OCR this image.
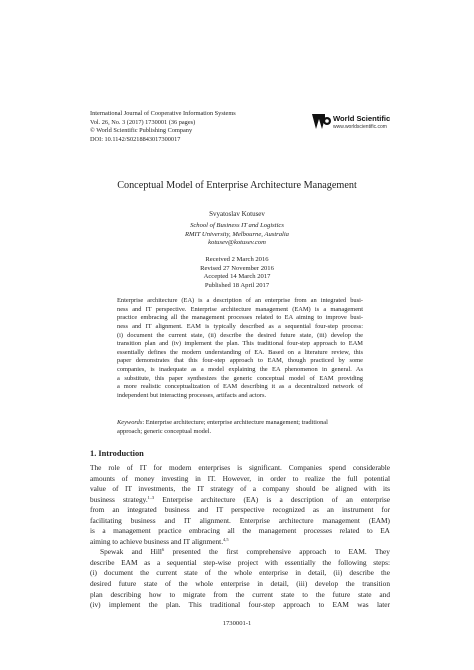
International Journal of Cooperative Information Systems
Vol. 26, No. 3 (2017) 1730001 (36 pages)
© World Scientific Publishing Company
DOI: 10.1142/S0218843017300017
World Scientific
www.worldscientific.com
Conceptual Model of Enterprise Architecture Management
Svyatoslav Kotusev
School of Business IT and Logistics
RMIT University, Melbourne, Australia
kotusev@kotusev.com
Received 2 March 2016
Revised 27 November 2016
Accepted 14 March 2017
Published 18 April 2017
Enterprise architecture (EA) is a description of an enterprise from an integrated busi-
ness and IT perspective. Enterprise architecture management (EAM) is a management
practice embracing all the management processes related to EA aiming to improve busi-
ness and IT alignment. EAM is typically described as a sequential four-step process:
(i) document the current state, (ii) describe the desired future state, (iii) develop the
transition plan and (iv) implement the plan. This traditional four-step approach to EAM
essentially defines the modern understanding of EA. Based on a literature review, this
paper demonstrates that this four-step approach to EAM, though practiced by some
companies, is inadequate as a model explaining the EA phenomenon in general. As
a substitute, this paper synthesizes the generic conceptual model of EAM providing
a more realistic conceptualization of EAM describing it as a decentralized network of
independent but interacting processes, artifacts and actors.
Keywords: Enterprise architecture; enterprise architecture management; traditional
approach; generic conceptual model.
1. Introduction
The role of IT for modern enterprises is significant. Companies spend considerable
amounts of money investing in IT. However, in order to realize the full potential
value of IT investments, the IT strategy of a company should be aligned with its
business strategy.$^{1-3}$ Enterprise architecture (EA) is a description of an enterprise
from an integrated business and IT perspective recognized as an instrument for
facilitating business and IT alignment. Enterprise architecture management (EAM)
is a management practice embracing all the management processes related to EA
aiming to achieve business and IT alignment.$^{4,5}$
Spewak and Hill$^6$ presented the first comprehensive approach to EAM. They
describe EAM as a sequential step-wise project with essentially the following steps:
(i) document the current state of the whole enterprise in detail, (ii) describe the
desired future state of the whole enterprise in detail, (iii) develop the transition
plan describing how to migrate from the current state to the future state and
(iv) implement the plan. This traditional four-step approach to EAM was later
1730001-1
